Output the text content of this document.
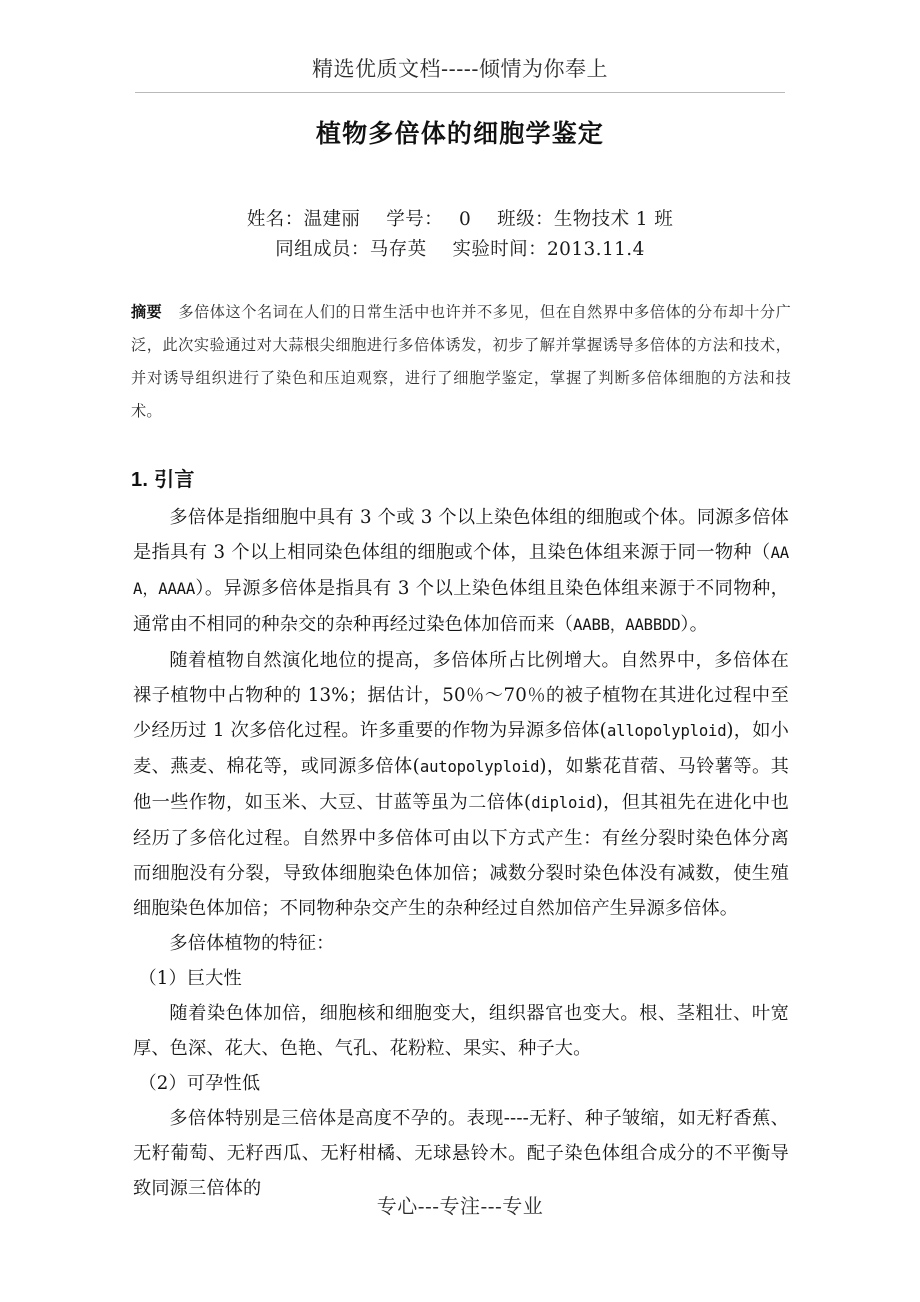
精选优质文档-----倾情为你奉上
植物多倍体的细胞学鉴定
姓名：温建丽 学号： 0 班级：生物技术 1 班
同组成员：马存英 实验时间：2013.11.4
摘要 多倍体这个名词在人们的日常生活中也许并不多见，但在自然界中多倍体的分布却十分广泛，此次实验通过对大蒜根尖细胞进行多倍体诱发，初步了解并掌握诱导多倍体的方法和技术，并对诱导组织进行了染色和压迫观察，进行了细胞学鉴定，掌握了判断多倍体细胞的方法和技术。
1. 引言
多倍体是指细胞中具有 3 个或 3 个以上染色体组的细胞或个体。同源多倍体是指具有 3 个以上相同染色体组的细胞或个体，且染色体组来源于同一物种（AAA，AAAA）。异源多倍体是指具有 3 个以上染色体组且染色体组来源于不同物种，通常由不相同的种杂交的杂种再经过染色体加倍而来（AABB，AABBDD）。
随着植物自然演化地位的提高，多倍体所占比例增大。自然界中，多倍体在裸子植物中占物种的 13%；据估计，50％～70％的被子植物在其进化过程中至少经历过 1 次多倍化过程。许多重要的作物为异源多倍体(allopolyploid)，如小麦、燕麦、棉花等，或同源多倍体(autopolyploid)，如紫花苜蓿、马铃薯等。其他一些作物，如玉米、大豆、甘蓝等虽为二倍体(diploid)，但其祖先在进化中也经历了多倍化过程。自然界中多倍体可由以下方式产生：有丝分裂时染色体分离而细胞没有分裂，导致体细胞染色体加倍；减数分裂时染色体没有减数，使生殖细胞染色体加倍；不同物种杂交产生的杂种经过自然加倍产生异源多倍体。
多倍体植物的特征：
（1）巨大性
随着染色体加倍，细胞核和细胞变大，组织器官也变大。根、茎粗壮、叶宽厚、色深、花大、色艳、气孔、花粉粒、果实、种子大。
（2）可孕性低
多倍体特别是三倍体是高度不孕的。表现----无籽、种子皱缩，如无籽香蕉、无籽葡萄、无籽西瓜、无籽柑橘、无球悬铃木。配子染色体组合成分的不平衡导致同源三倍体的
专心---专注---专业
